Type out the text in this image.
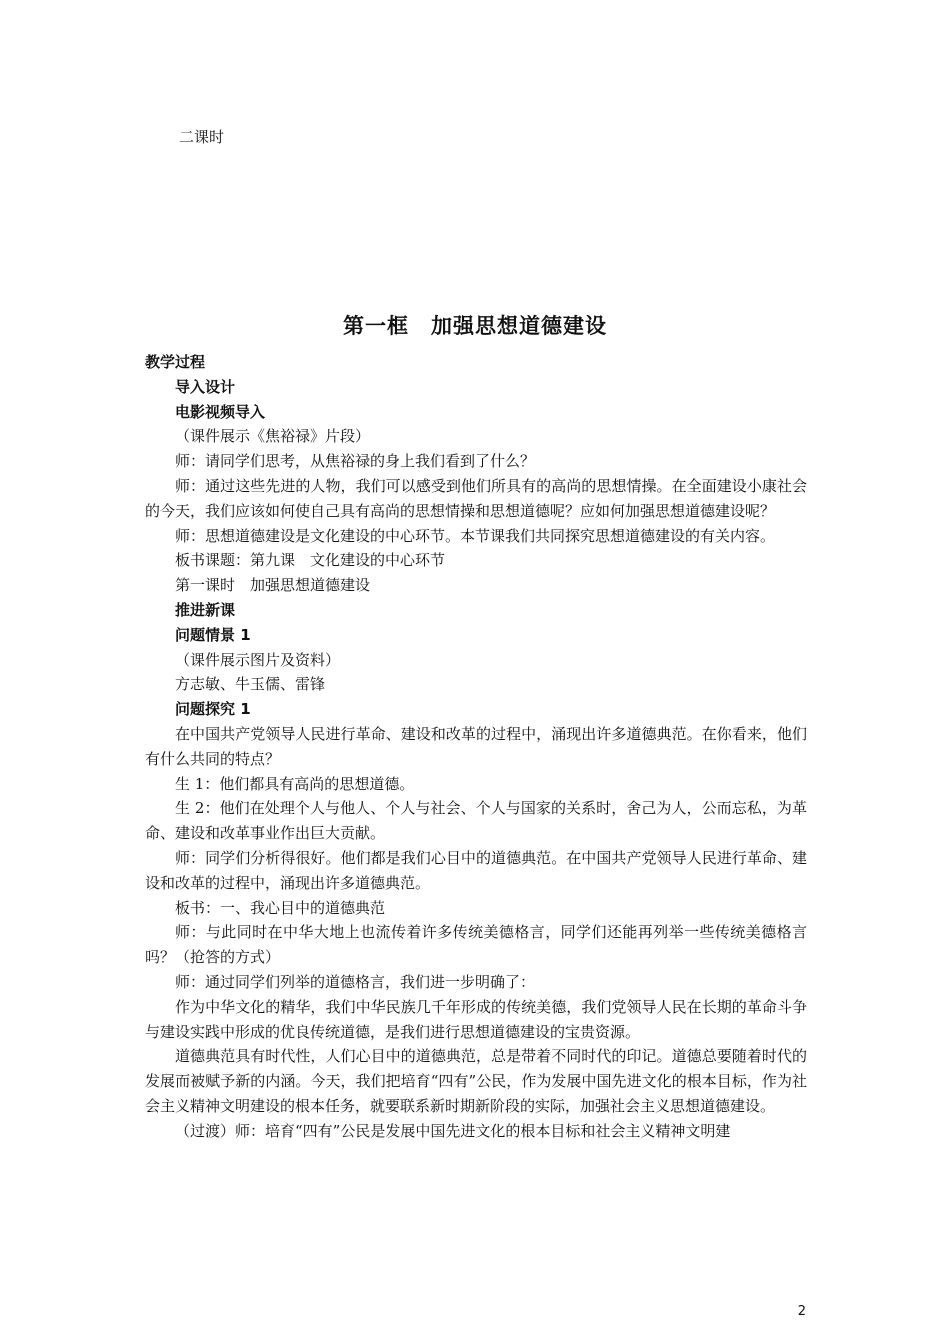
二课时
第一框　加强思想道德建设

教学过程

导入设计

电影视频导入

（课件展示《焦裕禄》片段）

师：请同学们思考，从焦裕禄的身上我们看到了什么？

师：通过这些先进的人物，我们可以感受到他们所具有的高尚的思想情操。在全面建设小康社会的今天，我们应该如何使自己具有高尚的思想情操和思想道德呢？应如何加强思想道德建设呢？

师：思想道德建设是文化建设的中心环节。本节课我们共同探究思想道德建设的有关内容。

板书课题：第九课　文化建设的中心环节

第一课时　加强思想道德建设

推进新课

问题情景 1

（课件展示图片及资料）

方志敏、牛玉儒、雷锋

问题探究 1

在中国共产党领导人民进行革命、建设和改革的过程中，涌现出许多道德典范。在你看来，他们有什么共同的特点？

生 1：他们都具有高尚的思想道德。

生 2：他们在处理个人与他人、个人与社会、个人与国家的关系时，舍己为人，公而忘私，为革命、建设和改革事业作出巨大贡献。

师：同学们分析得很好。他们都是我们心目中的道德典范。在中国共产党领导人民进行革命、建设和改革的过程中，涌现出许多道德典范。

板书：一、我心目中的道德典范

师：与此同时在中华大地上也流传着许多传统美德格言，同学们还能再列举一些传统美德格言吗？（抢答的方式）

师：通过同学们列举的道德格言，我们进一步明确了：

作为中华文化的精华，我们中华民族几千年形成的传统美德，我们党领导人民在长期的革命斗争与建设实践中形成的优良传统道德，是我们进行思想道德建设的宝贵资源。

道德典范具有时代性，人们心目中的道德典范，总是带着不同时代的印记。道德总要随着时代的发展而被赋予新的内涵。今天，我们把培育“四有”公民，作为发展中国先进文化的根本目标，作为社会主义精神文明建设的根本任务，就要联系新时期新阶段的实际，加强社会主义思想道德建设。

（过渡）师：培育“四有”公民是发展中国先进文化的根本目标和社会主义精神文明建

2
